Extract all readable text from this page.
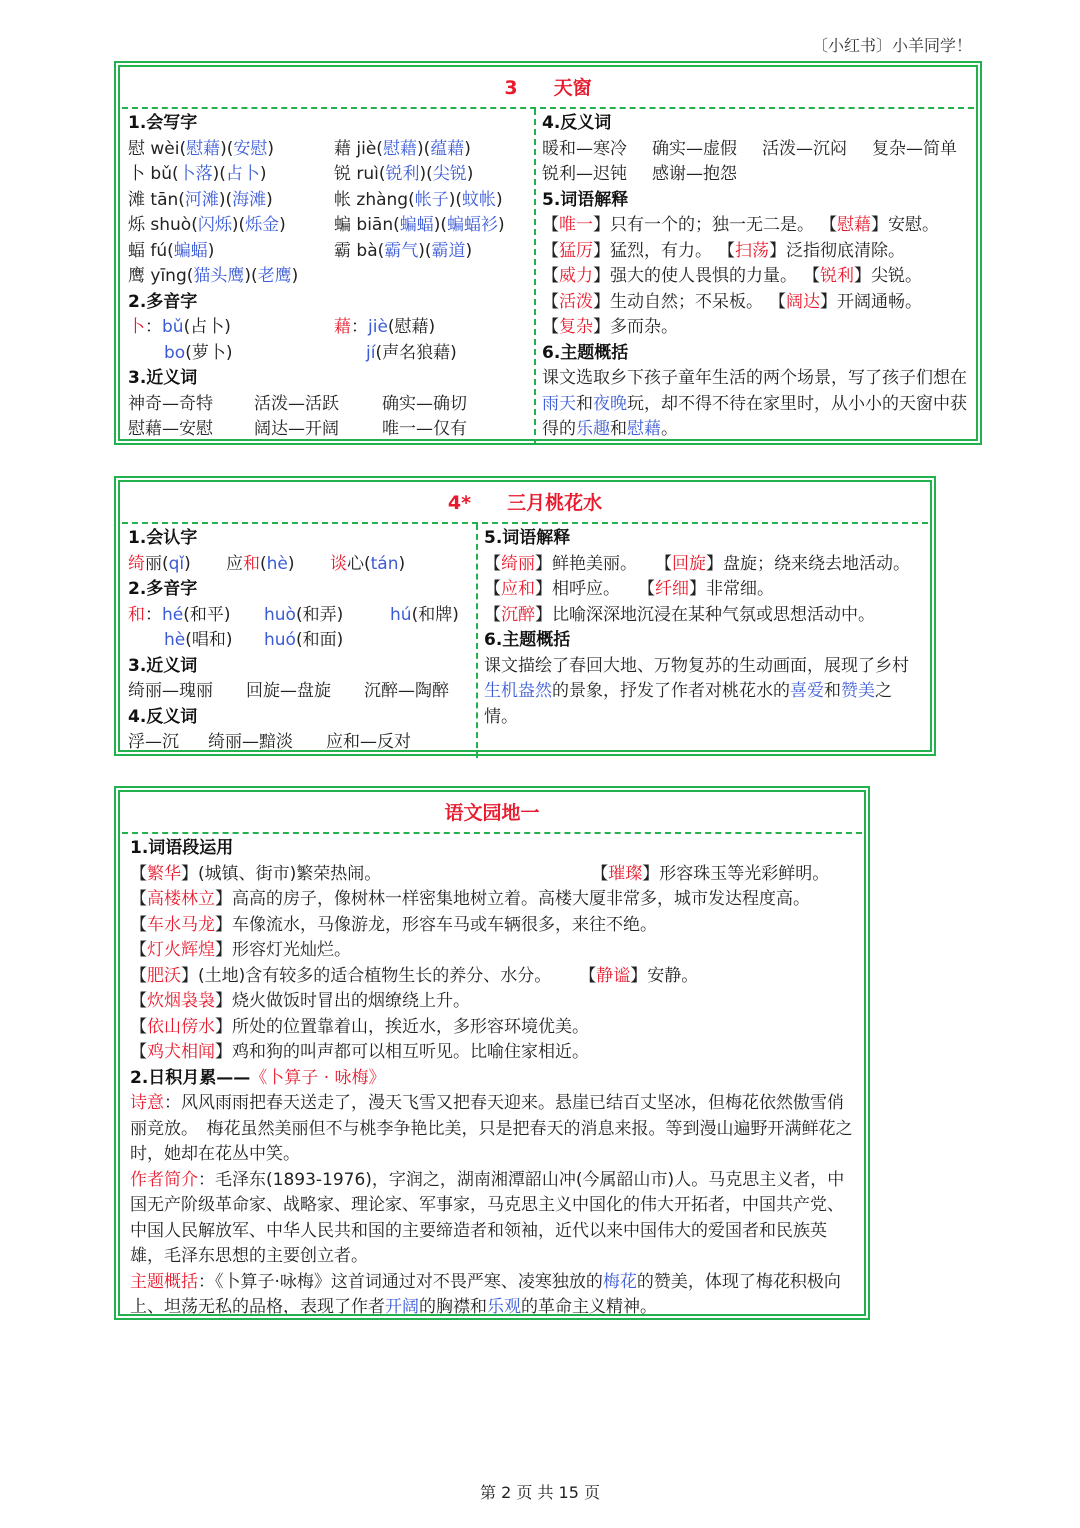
〔小红书〕小羊同学！
3 天窗
1.会写字
慰 wèi(慰藉)(安慰)	藉 jiè(慰藉)(蕴藉)
卜 bǔ(卜落)(占卜)	锐 ruì(锐利)(尖锐)
滩 tān(河滩)(海滩)	帐 zhàng(帐子)(蚊帐)
烁 shuò(闪烁)(烁金)	蝙 biān(蝙蝠)(蝙蝠衫)
蝠 fú(蝙蝠)	霸 bà(霸气)(霸道)
鹰 yīng(猫头鹰)(老鹰)
2.多音字
卜：bǔ(占卜)	藉：jiè(慰藉)
bo(萝卜)	jí(声名狼藉)
3.近义词
神奇—奇特 活泼—活跃	确实—确切
慰藉—安慰 阔达—开阔	唯一—仅有
4.反义词
暖和—寒冷 确实—虚假 活泼—沉闷 复杂—简单
锐利—迟钝 感谢—抱怨
5.词语解释
【唯一】只有一个的；独一无二是。 【慰藉】安慰。
【猛厉】猛烈，有力。 【扫荡】泛指彻底清除。
【威力】强大的使人畏惧的力量。 【锐利】尖锐。
【活泼】生动自然；不呆板。 【阔达】开阔通畅。
【复杂】多而杂。
6.主题概括
课文选取乡下孩子童年生活的两个场景，写了孩子们想在雨天和夜晚玩，却不得不待在家里时，从小小的天窗中获得的乐趣和慰藉。
4* 三月桃花水
1.会认字
绮丽(qǐ) 应和(hè) 谈心(tán)
2.多音字
和：hé(和平) huò(和弄)	hú(和牌)
hè(唱和) huó(和面)
3.近义词
绮丽—瑰丽 回旋—盘旋 沉醉—陶醉
4.反义词
浮—沉 绮丽—黯淡 应和—反对
5.词语解释
【绮丽】鲜艳美丽。 【回旋】盘旋；绕来绕去地活动。
【应和】相呼应。 【纤细】非常细。
【沉醉】比喻深深地沉浸在某种气氛或思想活动中。
6.主题概括
课文描绘了春回大地、万物复苏的生动画面，展现了乡村生机盎然的景象，抒发了作者对桃花水的喜爱和赞美之情。
语文园地一
1.词语段运用
【繁华】(城镇、街市)繁荣热闹。	【璀璨】形容珠玉等光彩鲜明。
【高楼林立】高高的房子，像树林一样密集地树立着。高楼大厦非常多，城市发达程度高。
【车水马龙】车像流水，马像游龙，形容车马或车辆很多，来往不绝。
【灯火辉煌】形容灯光灿烂。
【肥沃】(土地)含有较多的适合植物生长的养分、水分。 【静谧】安静。
【炊烟袅袅】烧火做饭时冒出的烟缭绕上升。
【依山傍水】所处的位置靠着山，挨近水，多形容环境优美。
【鸡犬相闻】鸡和狗的叫声都可以相互听见。比喻住家相近。
2.日积月累——《卜算子 · 咏梅》
诗意：风风雨雨把春天送走了，漫天飞雪又把春天迎来。悬崖已结百丈坚冰，但梅花依然傲雪俏丽竞放。　梅花虽然美丽但不与桃李争艳比美，只是把春天的消息来报。等到漫山遍野开满鲜花之时，她却在花丛中笑。
作者简介：毛泽东(1893-1976)，字润之，湖南湘潭韶山冲(今属韶山市)人。马克思主义者，中国无产阶级革命家、战略家、理论家、军事家，马克思主义中国化的伟大开拓者，中国共产党、中国人民解放军、中华人民共和国的主要缔造者和领袖，近代以来中国伟大的爱国者和民族英雄，毛泽东思想的主要创立者。
主题概括：《卜算子·咏梅》这首词通过对不畏严寒、凌寒独放的梅花的赞美，体现了梅花积极向上、坦荡无私的品格，表现了作者开阔的胸襟和乐观的革命主义精神。
第 2 页 共 15 页
